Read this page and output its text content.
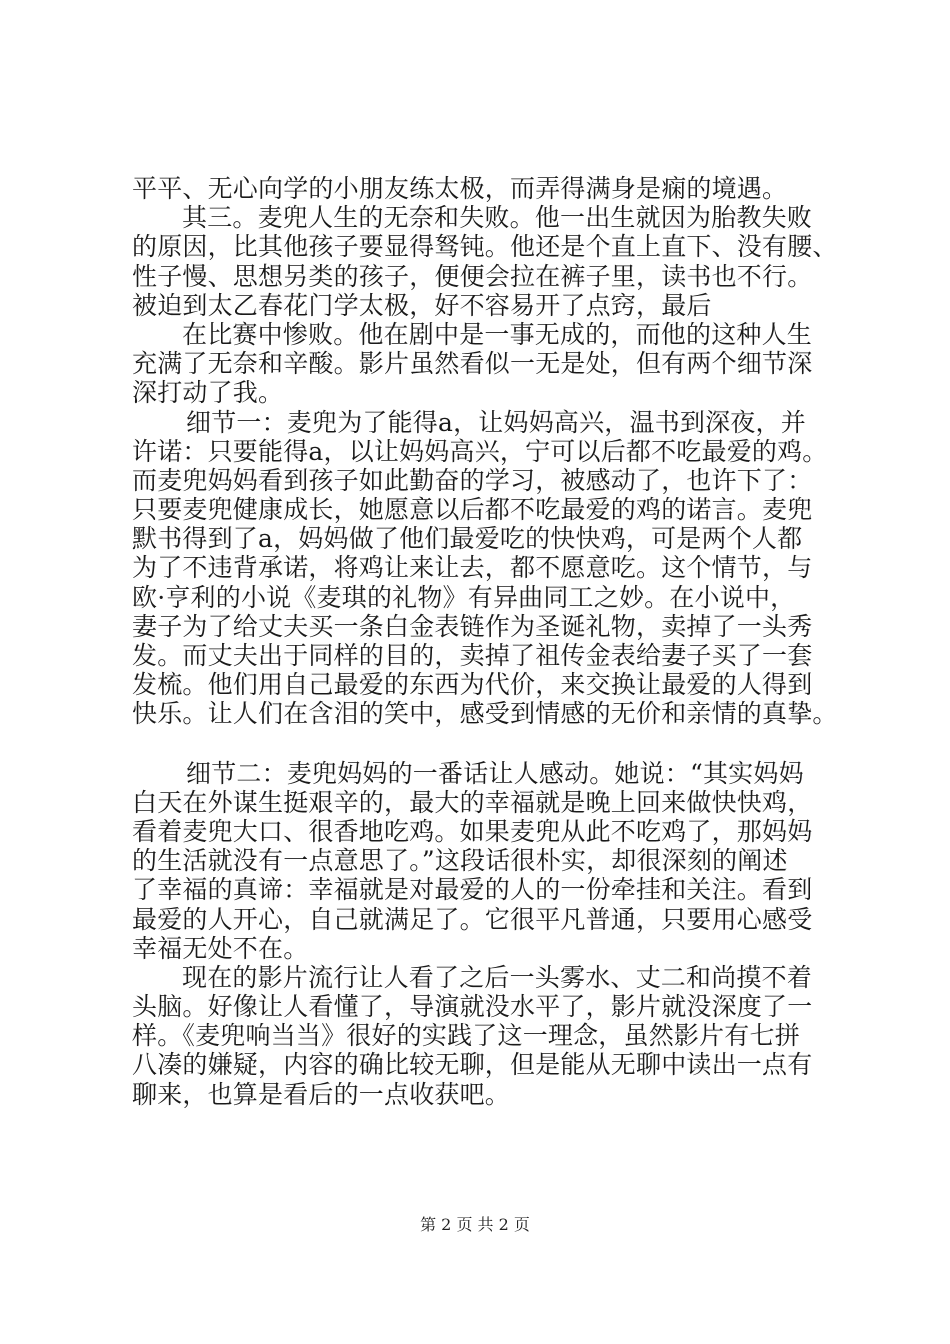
平平、无心向学的小朋友练太极，而弄得满身是痫的境遇。
其三。麦兜人生的无奈和失败。他一出生就因为胎教失败
的原因，比其他孩子要显得驽钝。他还是个直上直下、没有腰、
性子慢、思想另类的孩子，便便会拉在裤子里，读书也不行。
被迫到太乙春花门学太极，好不容易开了点窍，最后
在比赛中惨败。他在剧中是一事无成的，而他的这种人生
充满了无奈和辛酸。影片虽然看似一无是处，但有两个细节深
深打动了我。
细节一：麦兜为了能得a，让妈妈高兴，温书到深夜，并
许诺：只要能得a，以让妈妈高兴，宁可以后都不吃最爱的鸡。
而麦兜妈妈看到孩子如此勤奋的学习，被感动了，也许下了：
只要麦兜健康成长，她愿意以后都不吃最爱的鸡的诺言。麦兜
默书得到了a，妈妈做了他们最爱吃的快快鸡，可是两个人都
为了不违背承诺，将鸡让来让去，都不愿意吃。这个情节，与
欧·亨利的小说《麦琪的礼物》有异曲同工之妙。在小说中，
妻子为了给丈夫买一条白金表链作为圣诞礼物，卖掉了一头秀
发。而丈夫出于同样的目的，卖掉了祖传金表给妻子买了一套
发梳。他们用自己最爱的东西为代价，来交换让最爱的人得到
快乐。让人们在含泪的笑中，感受到情感的无价和亲情的真挚。
细节二：麦兜妈妈的一番话让人感动。她说：“其实妈妈
白天在外谋生挺艰辛的，最大的幸福就是晚上回来做快快鸡，
看着麦兜大口、很香地吃鸡。如果麦兜从此不吃鸡了，那妈妈
的生活就没有一点意思了。”这段话很朴实，却很深刻的阐述
了幸福的真谛：幸福就是对最爱的人的一份牵挂和关注。看到
最爱的人开心，自己就满足了。它很平凡普通，只要用心感受
幸福无处不在。
现在的影片流行让人看了之后一头雾水、丈二和尚摸不着
头脑。好像让人看懂了，导演就没水平了，影片就没深度了一
样。《麦兜响当当》很好的实践了这一理念，虽然影片有七拼
八凑的嫌疑，内容的确比较无聊，但是能从无聊中读出一点有
聊来，也算是看后的一点收获吧。
第 2 页 共 2 页
